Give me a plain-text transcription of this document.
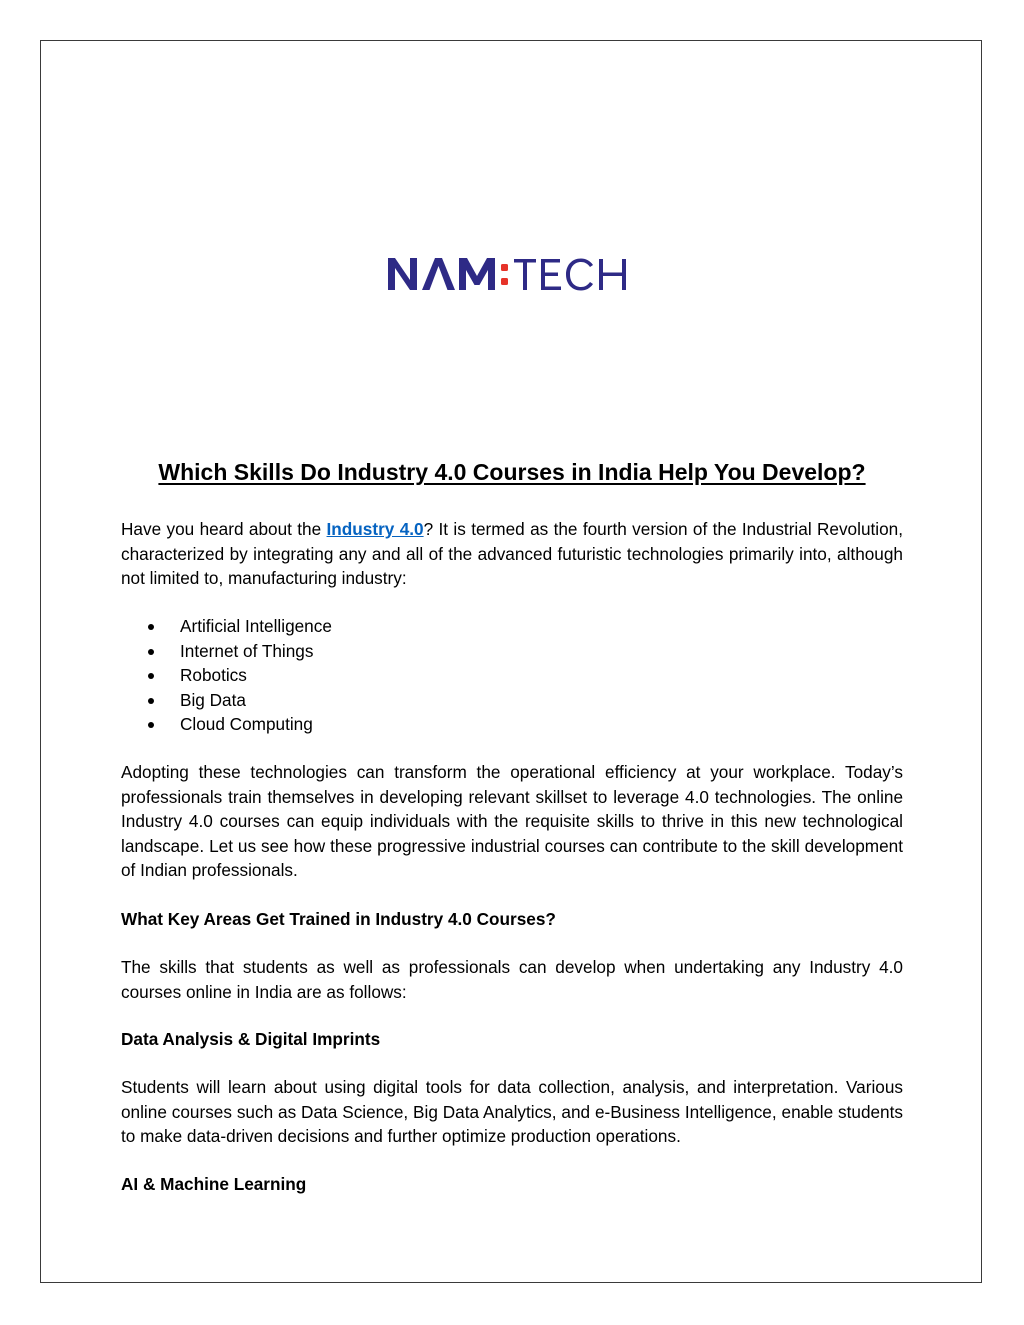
Which Skills Do Industry 4.0 Courses in India Help You Develop?

Have you heard about the Industry 4.0? It is termed as the fourth version of the Industrial Revolution, characterized by integrating any and all of the advanced futuristic technologies primarily into, although not limited to, manufacturing industry:

Artificial Intelligence
Internet of Things
Robotics
Big Data
Cloud Computing

Adopting these technologies can transform the operational efficiency at your workplace. Today’s professionals train themselves in developing relevant skillset to leverage 4.0 technologies. The online Industry 4.0 courses can equip individuals with the requisite skills to thrive in this new technological landscape. Let us see how these progressive industrial courses can contribute to the skill development of Indian professionals.

What Key Areas Get Trained in Industry 4.0 Courses?

The skills that students as well as professionals can develop when undertaking any Industry 4.0 courses online in India are as follows:

Data Analysis & Digital Imprints

Students will learn about using digital tools for data collection, analysis, and interpretation. Various online courses such as Data Science, Big Data Analytics, and e-Business Intelligence, enable students to make data-driven decisions and further optimize production operations.

AI & Machine Learning
